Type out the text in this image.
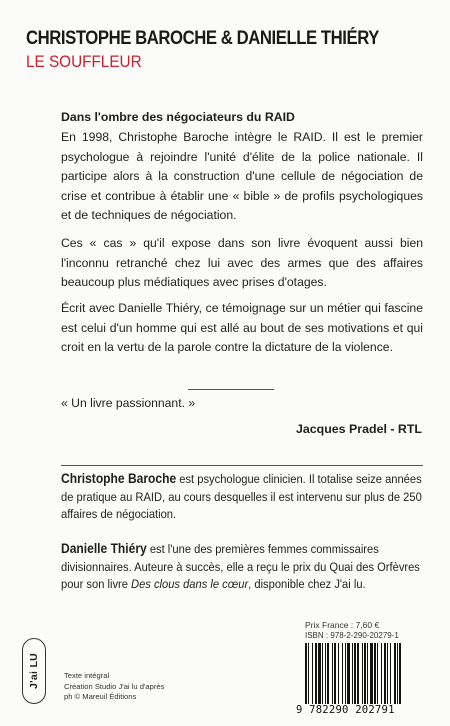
CHRISTOPHE BAROCHE & DANIELLE THIÉRY
LE SOUFFLEUR
Dans l'ombre des négociateurs du RAID

En 1998, Christophe Baroche intègre le RAID. Il est le premier psychologue à rejoindre l'unité d'élite de la police nationale. Il participe alors à la construction d'une cellule de négociation de crise et contribue à établir une « bible » de profils psychologiques et de techniques de négociation.

Ces « cas » qu'il expose dans son livre évoquent aussi bien l'inconnu retranché chez lui avec des armes que des affaires beaucoup plus médiatiques avec prises d'otages.

Écrit avec Danielle Thiéry, ce témoignage sur un métier qui fascine est celui d'un homme qui est allé au bout de ses motivations et qui croit en la vertu de la parole contre la dictature de la violence.

« Un livre passionnant. »
Jacques Pradel - RTL

Christophe Baroche est psychologue clinicien. Il totalise seize années de pratique au RAID, au cours desquelles il est intervenu sur plus de 250 affaires de négociation.

Danielle Thiéry est l'une des premières femmes commissaires divisionnaires. Auteure à succès, elle a reçu le prix du Quai des Orfèvres pour son livre Des clous dans le cœur, disponible chez J'ai lu.

J'ai LU	Texte intégral
Création Studio J'ai lu d'après
ph © Mareuil Éditions
Prix France : 7,60 €
ISBN : 978-2-290-20279-1
9 782290 202791
